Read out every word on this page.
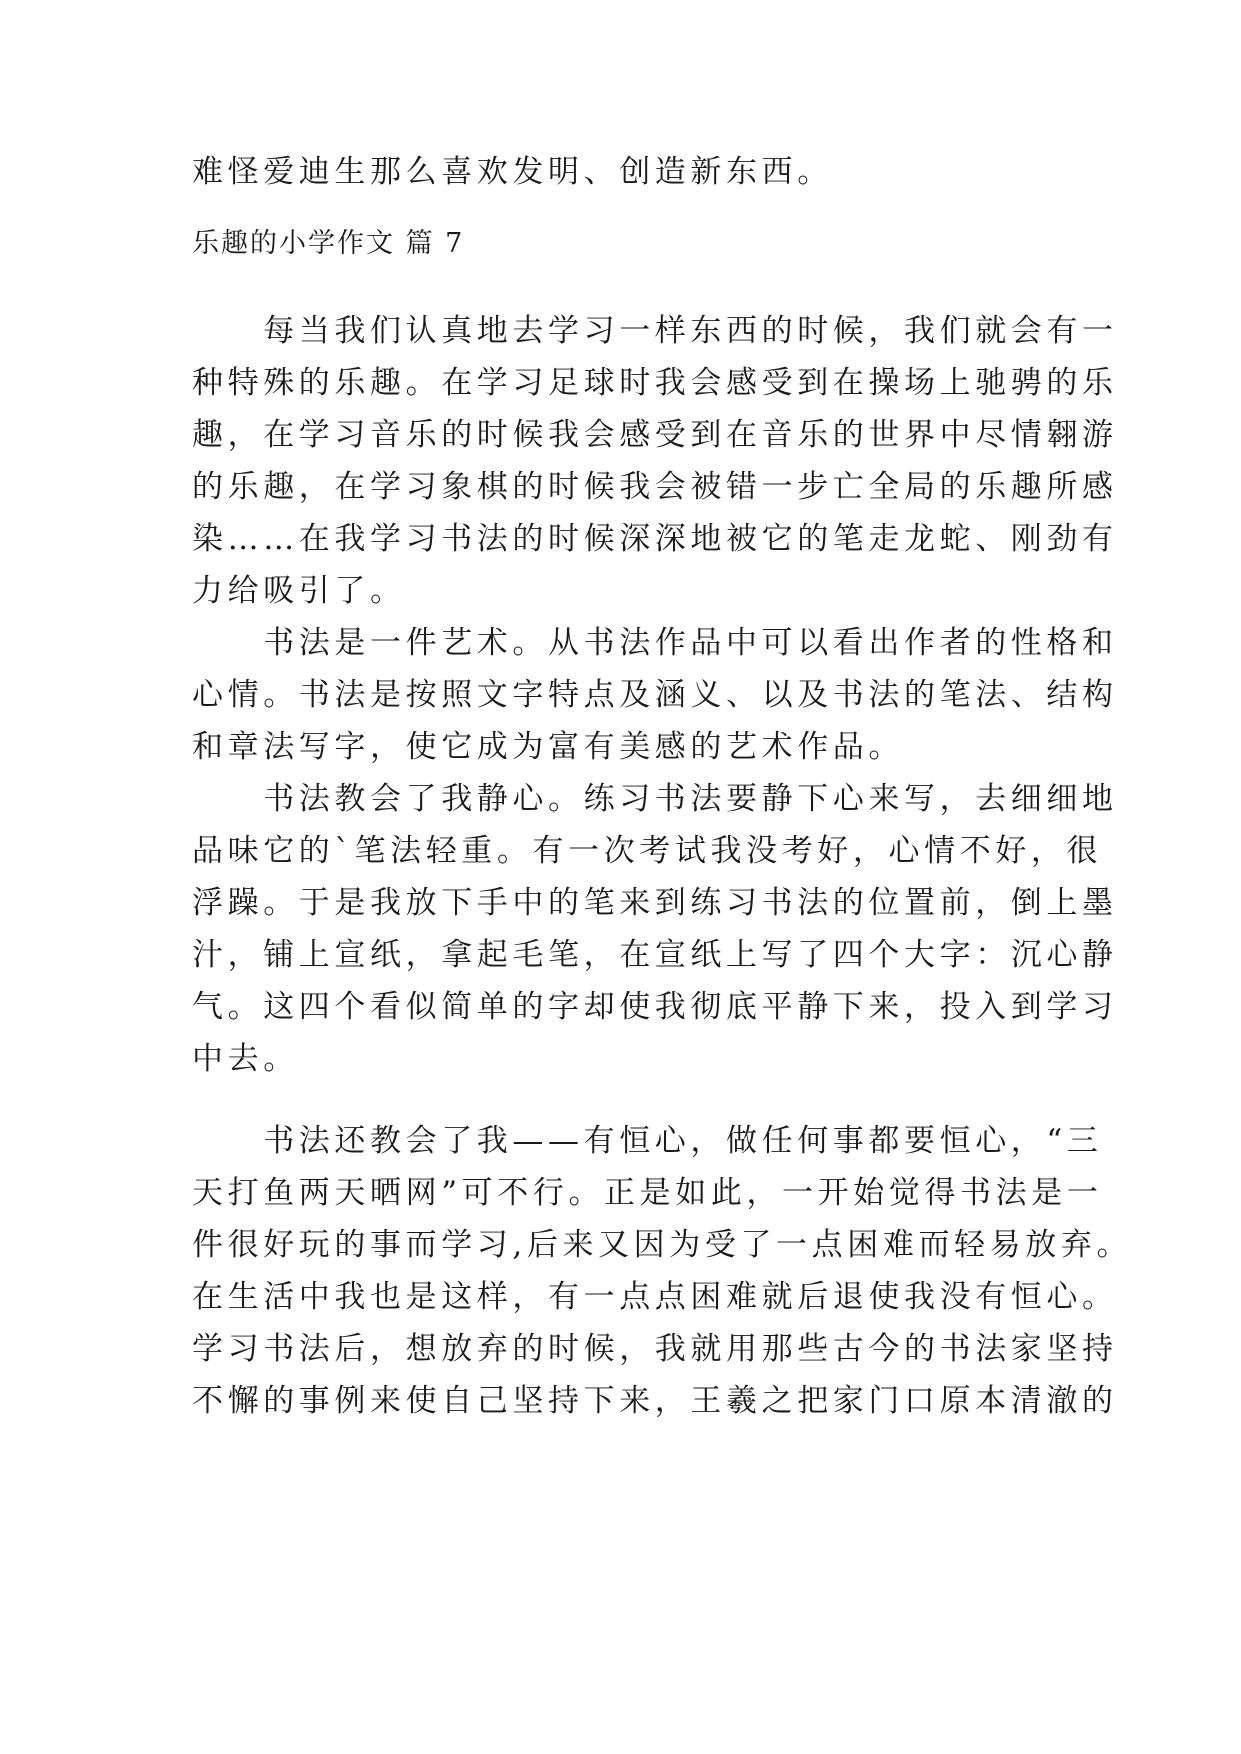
难怪爱迪生那么喜欢发明、创造新东西。
乐趣的小学作文 篇 7
　　每当我们认真地去学习一样东西的时候，我们就会有一
种特殊的乐趣。在学习足球时我会感受到在操场上驰骋的乐
趣，在学习音乐的时候我会感受到在音乐的世界中尽情翱游
的乐趣，在学习象棋的时候我会被错一步亡全局的乐趣所感
染……在我学习书法的时候深深地被它的笔走龙蛇、刚劲有
力给吸引了。
　　书法是一件艺术。从书法作品中可以看出作者的性格和
心情。书法是按照文字特点及涵义、以及书法的笔法、结构
和章法写字，使它成为富有美感的艺术作品。
　　书法教会了我静心。练习书法要静下心来写，去细细地
品味它的`笔法轻重。有一次考试我没考好，心情不好，很
浮躁。于是我放下手中的笔来到练习书法的位置前，倒上墨
汁，铺上宣纸，拿起毛笔，在宣纸上写了四个大字：沉心静
气。这四个看似简单的字却使我彻底平静下来，投入到学习
中去。
　　书法还教会了我——有恒心，做任何事都要恒心，“三
天打鱼两天晒网”可不行。正是如此，一开始觉得书法是一
件很好玩的事而学习,后来又因为受了一点困难而轻易放弃。
在生活中我也是这样，有一点点困难就后退使我没有恒心。
学习书法后，想放弃的时候，我就用那些古今的书法家坚持
不懈的事例来使自己坚持下来，王羲之把家门口原本清澈的
